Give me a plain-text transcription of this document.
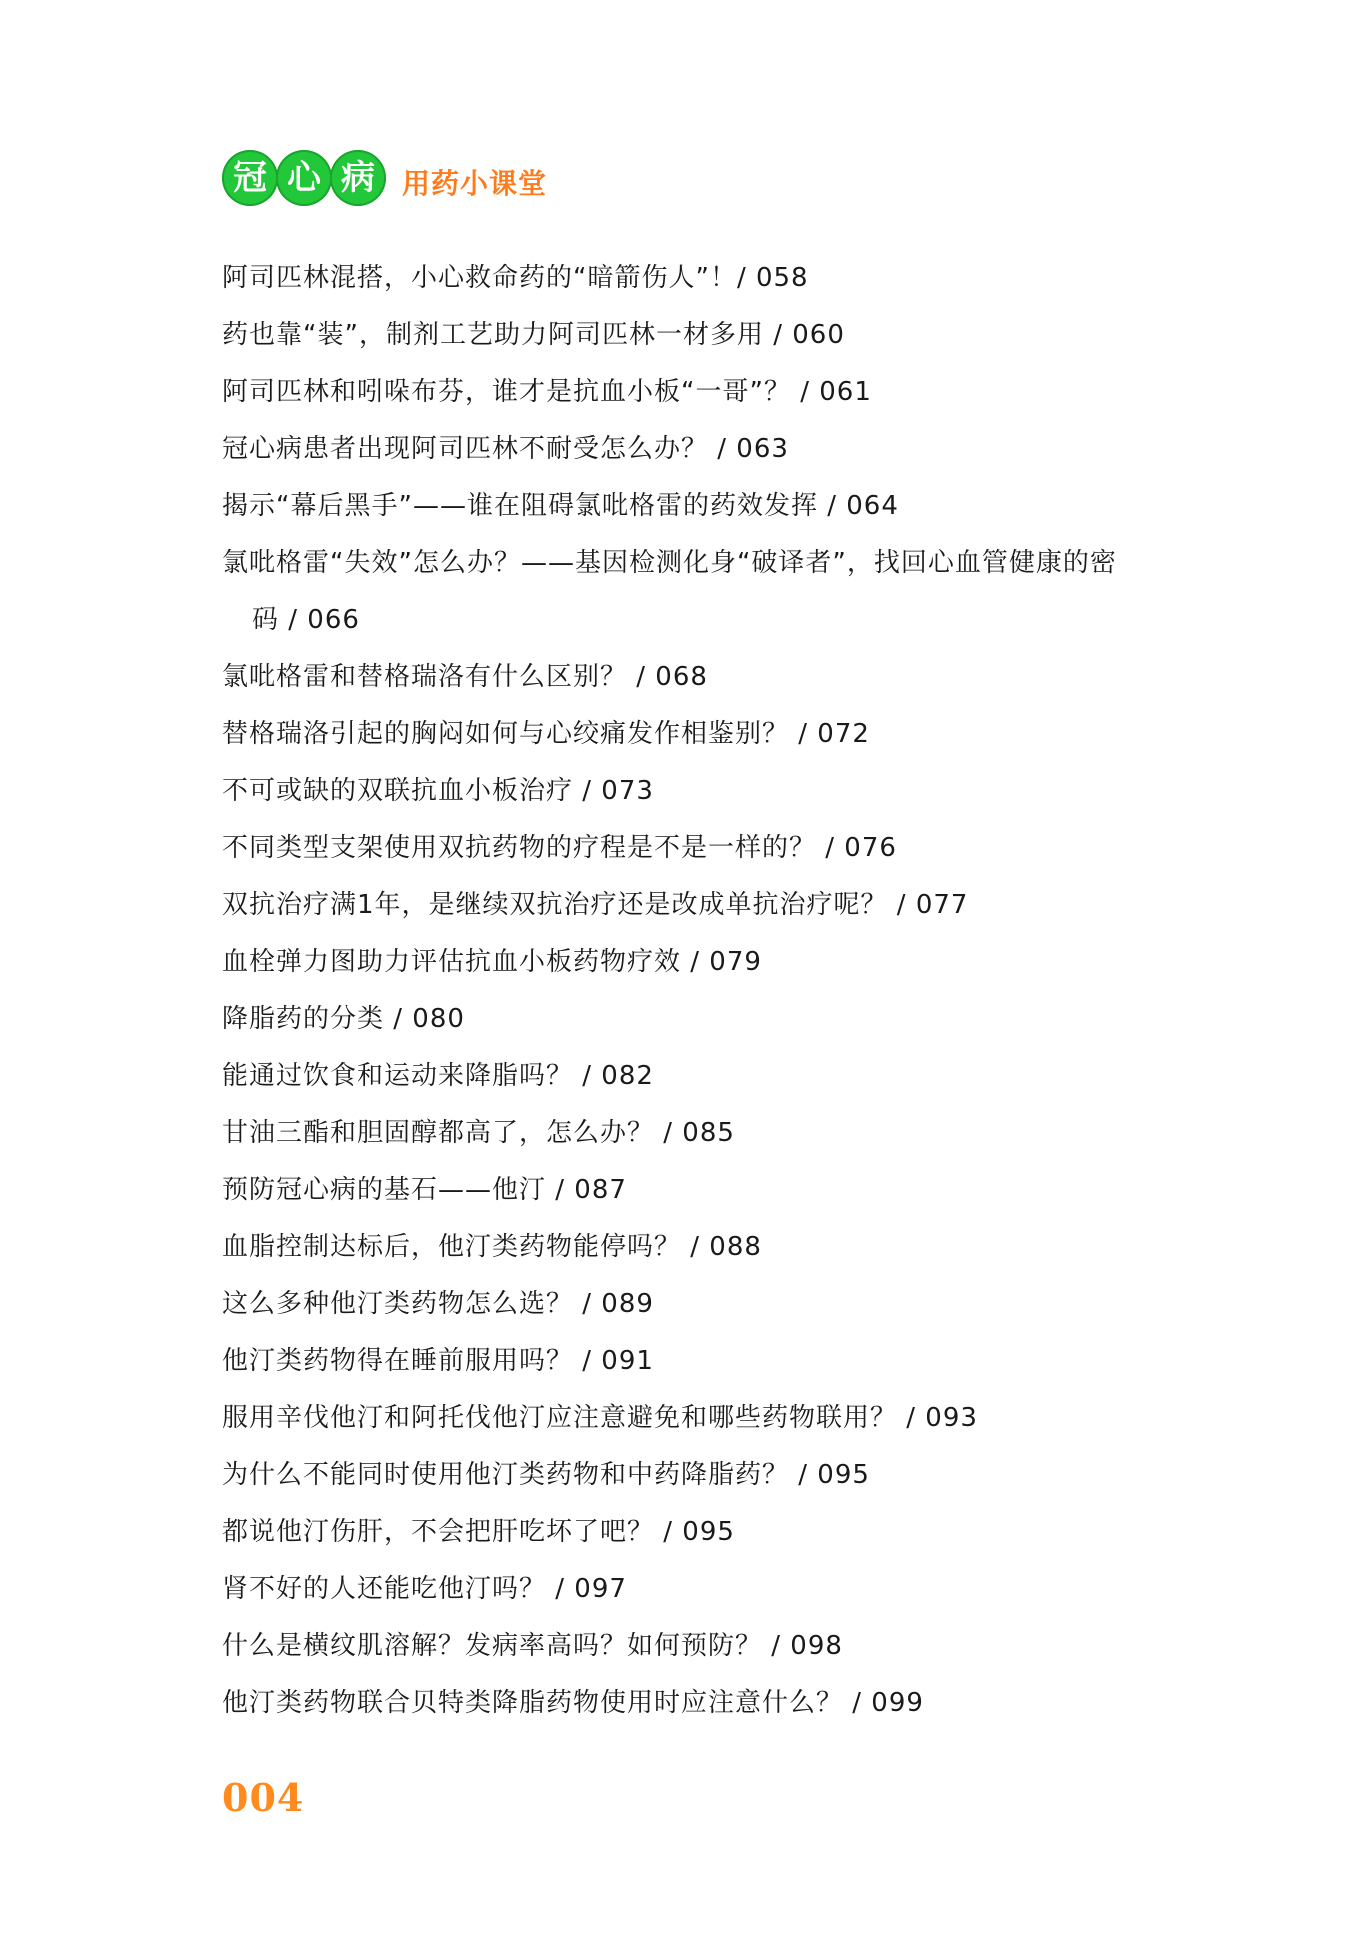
冠 心 病 用药小课堂
阿司匹林混搭，小心救命药的“暗箭伤人”！/ 058
药也靠“装”，制剂工艺助力阿司匹林一材多用 / 060
阿司匹林和吲哚布芬，谁才是抗血小板“一哥”？ / 061
冠心病患者出现阿司匹林不耐受怎么办？ / 063
揭示“幕后黑手”——谁在阻碍氯吡格雷的药效发挥 / 064
氯吡格雷“失效”怎么办？——基因检测化身“破译者”，找回心血管健康的密
码 / 066
氯吡格雷和替格瑞洛有什么区别？ / 068
替格瑞洛引起的胸闷如何与心绞痛发作相鉴别？ / 072
不可或缺的双联抗血小板治疗 / 073
不同类型支架使用双抗药物的疗程是不是一样的？ / 076
双抗治疗满1年，是继续双抗治疗还是改成单抗治疗呢？ / 077
血栓弹力图助力评估抗血小板药物疗效 / 079
降脂药的分类 / 080
能通过饮食和运动来降脂吗？ / 082
甘油三酯和胆固醇都高了，怎么办？ / 085
预防冠心病的基石——他汀 / 087
血脂控制达标后，他汀类药物能停吗？ / 088
这么多种他汀类药物怎么选？ / 089
他汀类药物得在睡前服用吗？ / 091
服用辛伐他汀和阿托伐他汀应注意避免和哪些药物联用？ / 093
为什么不能同时使用他汀类药物和中药降脂药？ / 095
都说他汀伤肝，不会把肝吃坏了吧？ / 095
肾不好的人还能吃他汀吗？ / 097
什么是横纹肌溶解？发病率高吗？如何预防？ / 098
他汀类药物联合贝特类降脂药物使用时应注意什么？ / 099
004
